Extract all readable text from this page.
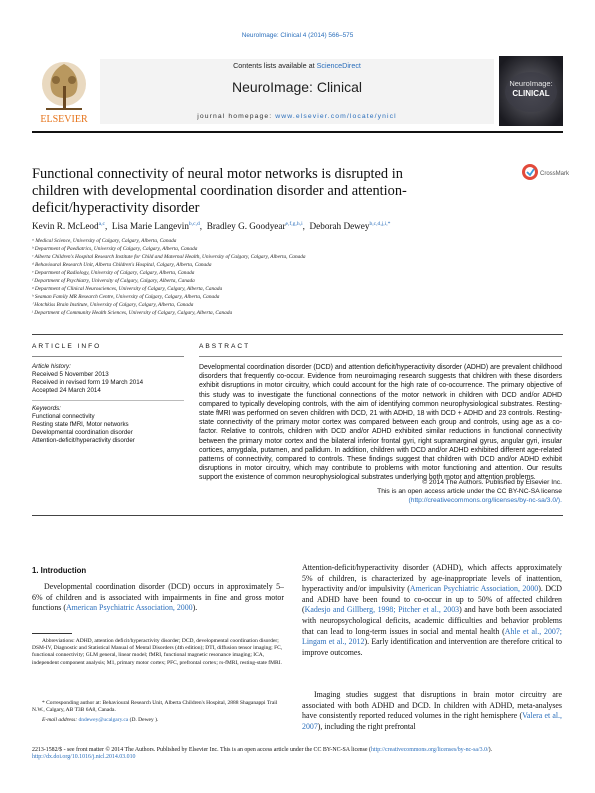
NeuroImage: Clinical 4 (2014) 566–575
ELSEVIER
Contents lists available at ScienceDirect
NeuroImage: Clinical
journal homepage: www.elsevier.com/locate/ynicl
NeuroImage:
CLINICAL
Functional connectivity of neural motor networks is disrupted in children with developmental coordination disorder and attention-deficit/hyperactivity disorder
CrossMark
Kevin R. McLeod$^{a,c}$,  Lisa Marie Langevin$^{b,c,d}$,  Bradley G. Goodyear$^{e,f,g,h,i}$,  Deborah Dewey$^{b,c,d,j,i,*}$
ᵃ Medical Science, University of Calgary, Calgary, Alberta, Canada
ᵇ Department of Paediatrics, University of Calgary, Calgary, Alberta, Canada
ᶜ Alberta Children's Hospital Research Institute for Child and Maternal Health, University of Calgary, Calgary, Alberta, Canada
ᵈ Behavioural Research Unit, Alberta Children's Hospital, Calgary, Alberta, Canada
ᵉ Department of Radiology, University of Calgary, Calgary, Alberta, Canada
ᶠ Department of Psychiatry, University of Calgary, Calgary, Alberta, Canada
ᵍ Department of Clinical Neurosciences, University of Calgary, Calgary, Alberta, Canada
ʰ Seaman Family MR Research Centre, University of Calgary, Calgary, Alberta, Canada
ⁱ Hotchkiss Brain Institute, University of Calgary, Calgary, Alberta, Canada
ʲ Department of Community Health Sciences, University of Calgary, Calgary, Alberta, Canada
ARTICLE INFO
Article history:
Received 5 November 2013
Received in revised form 19 March 2014
Accepted 24 March 2014
Keywords:
Functional connectivity
Resting state fMRI, Motor networks
Developmental coordination disorder
Attention-deficit/hyperactivity disorder
ABSTRACT
Developmental coordination disorder (DCD) and attention deficit/hyperactivity disorder (ADHD) are prevalent childhood disorders that frequently co-occur. Evidence from neuroimaging research suggests that children with these disorders exhibit disruptions in motor circuitry, which could account for the high rate of co-occurrence. The primary objective of this study was to investigate the functional connections of the motor network in children with DCD and/or ADHD compared to typically developing controls, with the aim of identifying common neurophysiological substrates. Resting-state fMRI was performed on seven children with DCD, 21 with ADHD, 18 with DCD + ADHD and 23 controls. Resting-state connectivity of the primary motor cortex was compared between each group and controls, using age as a co-factor. Relative to controls, children with DCD and/or ADHD exhibited similar reductions in functional connectivity between the primary motor cortex and the bilateral inferior frontal gyri, right supramarginal gyrus, angular gyri, insular cortices, amygdala, putamen, and pallidum. In addition, children with DCD and/or ADHD exhibited different age-related patterns of connectivity, compared to controls. These findings suggest that children with DCD and/or ADHD exhibit disruptions in motor circuitry, which may contribute to problems with motor functioning and attention. Our results support the existence of common neurophysiological substrates underlying both motor and attention problems.
© 2014 The Authors. Published by Elsevier Inc.
This is an open access article under the CC BY-NC-SA license
(http://creativecommons.org/licenses/by-nc-sa/3.0/).
1. Introduction
Developmental coordination disorder (DCD) occurs in approximately 5–6% of children and is associated with impairments in fine and gross motor functions (American Psychiatric Association, 2000).
Abbreviations: ADHD, attention deficit/hyperactivity disorder; DCD, developmental coordination disorder; DSM-IV, Diagnostic and Statistical Manual of Mental Disorders (4th edition); DTI, diffusion tensor imaging; FC, functional connectivity; GLM general, linear model; fMRI, functional magnetic resonance imaging; ICA, independent component analysis; M1, primary motor cortex; PFC, prefrontal cortex; rs-fMRI, resting-state fMRI.
* Corresponding author at: Behavioural Research Unit, Alberta Children's Hospital, 2888 Shaganappi Trail N.W., Calgary, AB T3B 6A8, Canada.
E-mail address: dndewey@ucalgary.ca (D. Dewey ).
Attention-deficit/hyperactivity disorder (ADHD), which affects approximately 5% of children, is characterized by age-inappropriate levels of inattention, hyperactivity and/or impulsivity (American Psychiatric Association, 2000). DCD and ADHD have been found to co-occur in up to 50% of affected children (Kadesjo and Gillberg, 1998; Pitcher et al., 2003) and have both been associated with neuropsychological deficits, academic difficulties and behavior problems that can lead to long-term issues in social and mental health (Ahle et al., 2007; Lingam et al., 2012). Early identification and intervention are therefore critical to improve outcomes.
Imaging studies suggest that disruptions in brain motor circuitry are associated with both ADHD and DCD. In children with ADHD, meta-analyses have consistently reported reduced volumes in the right hemisphere (Valera et al., 2007), including the right prefrontal
2213-1582/$ - see front matter © 2014 The Authors. Published by Elsevier Inc. This is an open access article under the CC BY-NC-SA license (http://creativecommons.org/licenses/by-nc-sa/3.0/).
http://dx.doi.org/10.1016/j.nicl.2014.03.010
